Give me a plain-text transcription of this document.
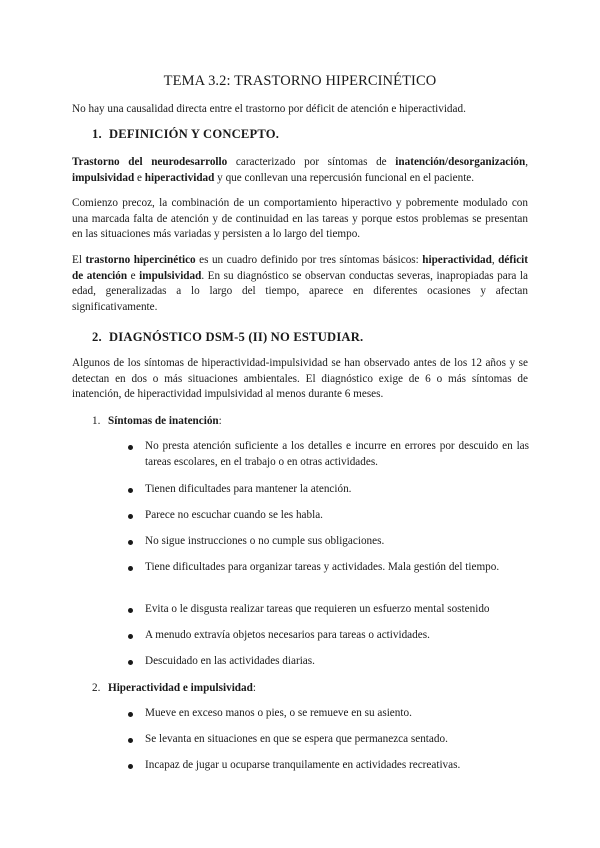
TEMA 3.2: TRASTORNO HIPERCINÉTICO

No hay una causalidad directa entre el trastorno por déficit de atención e hiperactividad.

1. DEFINICIÓN Y CONCEPTO.

Trastorno del neurodesarrollo caracterizado por síntomas de inatención/desorganización, impulsividad e hiperactividad y que conllevan una repercusión funcional en el paciente.

Comienzo precoz, la combinación de un comportamiento hiperactivo y pobremente modulado con una marcada falta de atención y de continuidad en las tareas y porque estos problemas se presentan en las situaciones más variadas y persisten a lo largo del tiempo.

El trastorno hipercinético es un cuadro definido por tres síntomas básicos: hiperactividad, déficit de atención e impulsividad. En su diagnóstico se observan conductas severas, inapropiadas para la edad, generalizadas a lo largo del tiempo, aparece en diferentes ocasiones y afectan significativamente.

2. DIAGNÓSTICO DSM-5 (II) NO ESTUDIAR.

Algunos de los síntomas de hiperactividad-impulsividad se han observado antes de los 12 años y se detectan en dos o más situaciones ambientales. El diagnóstico exige de 6 o más síntomas de inatención, de hiperactividad impulsividad al menos durante 6 meses.

1. Síntomas de inatención:

No presta atención suficiente a los detalles e incurre en errores por descuido en las tareas escolares, en el trabajo o en otras actividades.
Tienen dificultades para mantener la atención.
Parece no escuchar cuando se les habla.
No sigue instrucciones o no cumple sus obligaciones.
Tiene dificultades para organizar tareas y actividades. Mala gestión del tiempo.
Evita o le disgusta realizar tareas que requieren un esfuerzo mental sostenido
A menudo extravía objetos necesarios para tareas o actividades.
Descuidado en las actividades diarias.

2. Hiperactividad e impulsividad:

Mueve en exceso manos o pies, o se remueve en su asiento.
Se levanta en situaciones en que se espera que permanezca sentado.
Incapaz de jugar u ocuparse tranquilamente en actividades recreativas.
